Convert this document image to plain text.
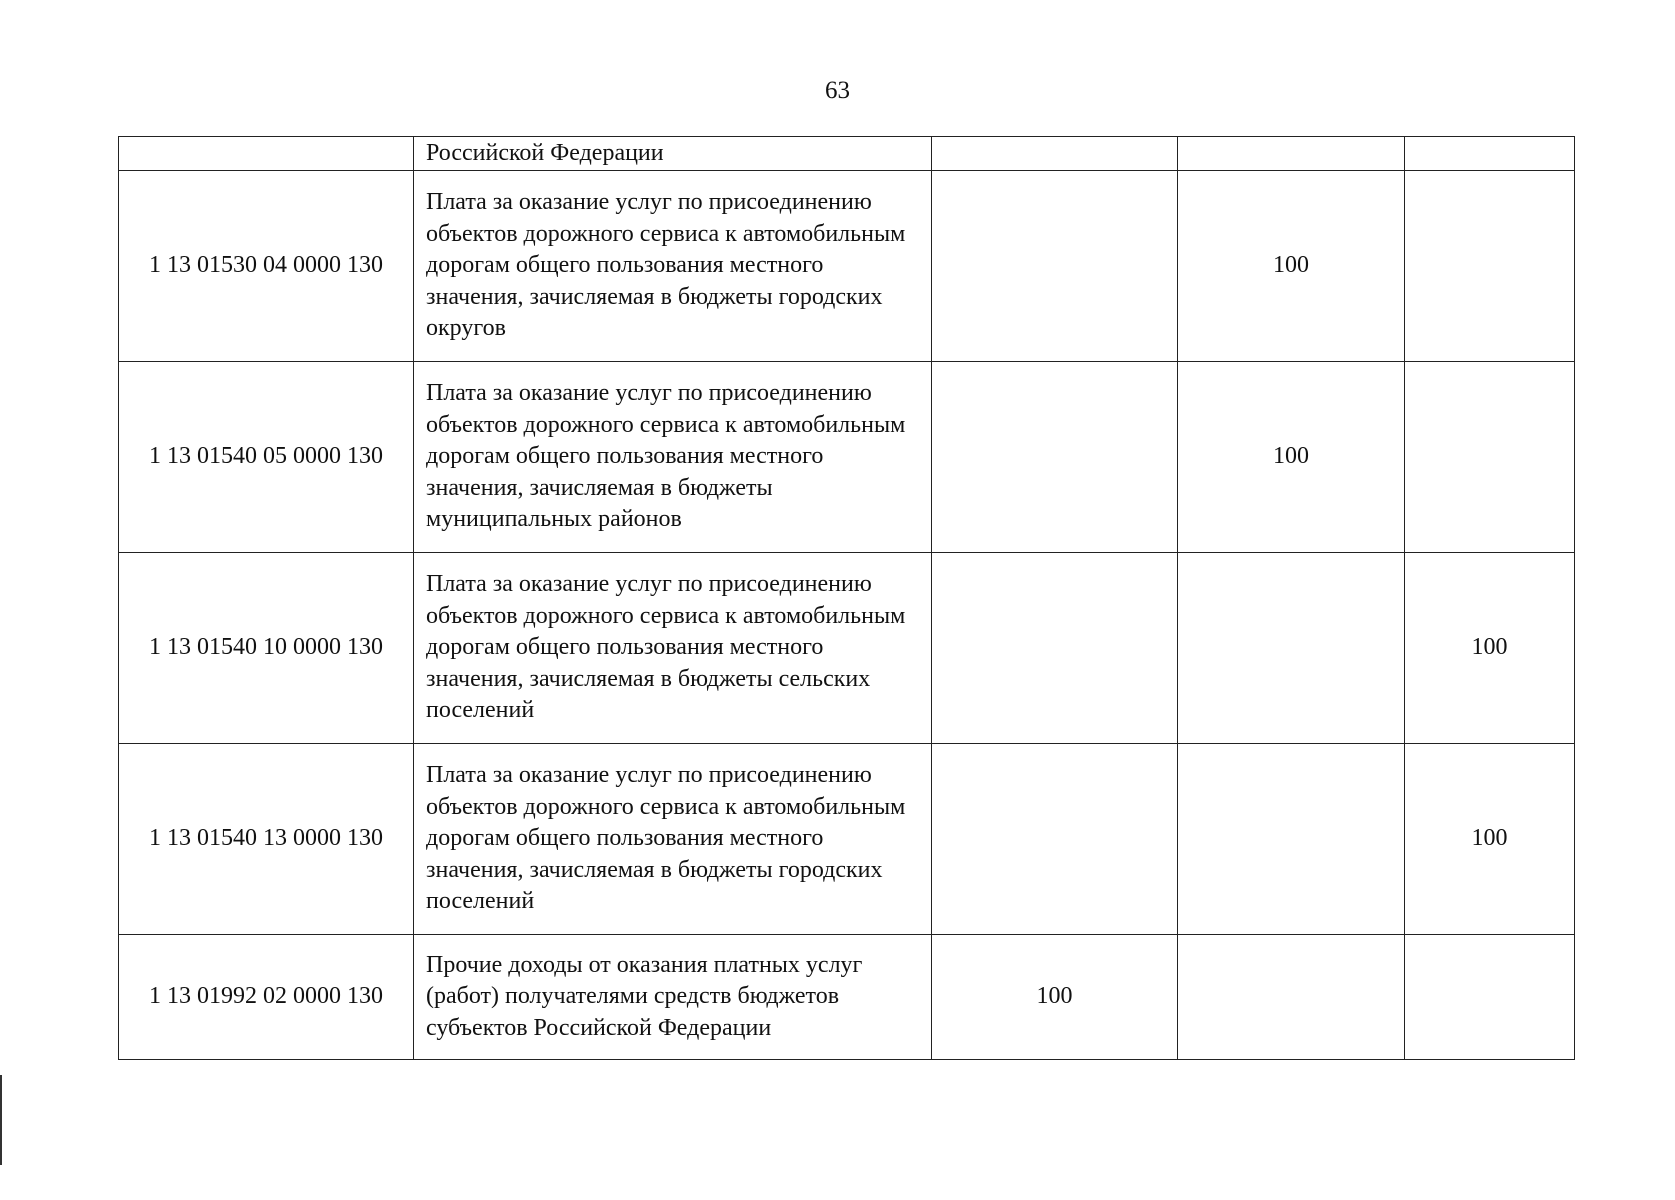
63
	Российской Федерации			
1 13 01530 04 0000 130	Плата за оказание услуг по присоединению объектов дорожного сервиса к автомобильным дорогам общего пользования местного значения, зачисляемая в бюджеты городских округов		100	
1 13 01540 05 0000 130	Плата за оказание услуг по присоединению объектов дорожного сервиса к автомобильным дорогам общего пользования местного значения, зачисляемая в бюджеты муниципальных районов		100	
1 13 01540 10 0000 130	Плата за оказание услуг по присоединению объектов дорожного сервиса к автомобильным дорогам общего пользования местного значения, зачисляемая в бюджеты сельских поселений			100
1 13 01540 13 0000 130	Плата за оказание услуг по присоединению объектов дорожного сервиса к автомобильным дорогам общего пользования местного значения, зачисляемая в бюджеты городских поселений			100
1 13 01992 02 0000 130	Прочие доходы от оказания платных услуг (работ) получателями средств бюджетов субъектов Российской Федерации	100		
